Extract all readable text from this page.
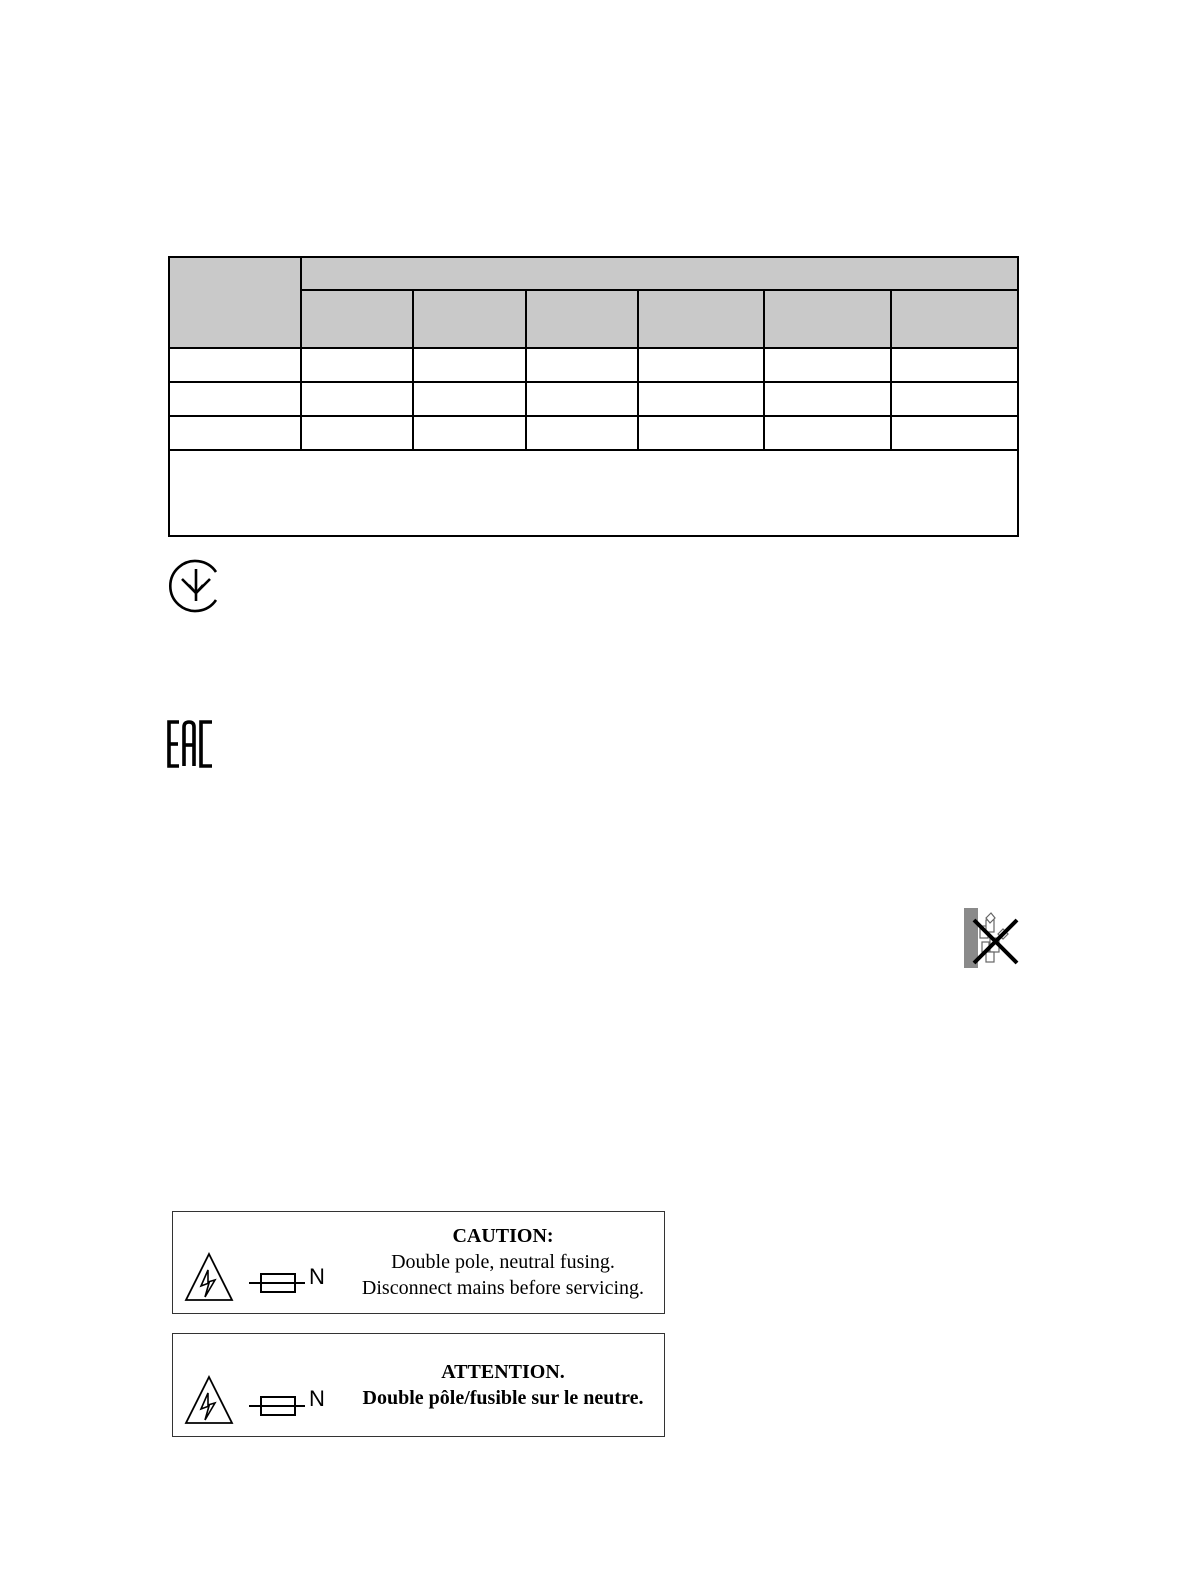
N
CAUTION:
Double pole, neutral fusing.
Disconnect mains before servicing.
N
ATTENTION.
Double pôle/fusible sur le neutre.
